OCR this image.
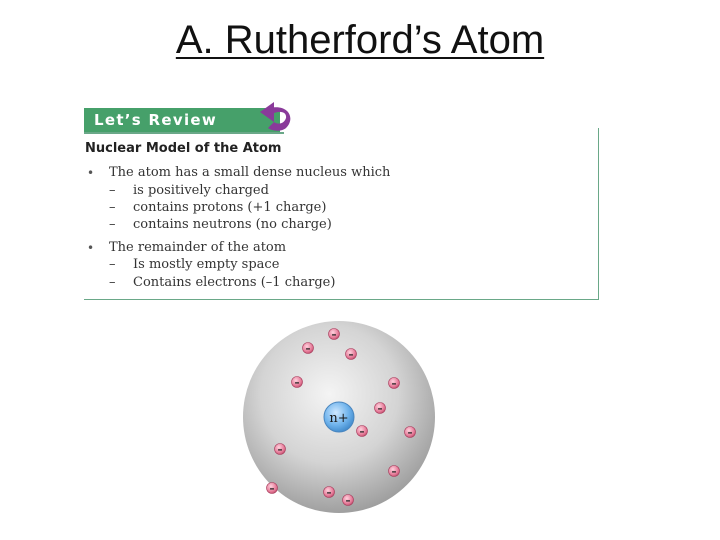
A. Rutherford’s Atom
Let’s Review
Nuclear Model of the Atom
• The atom has a small dense nucleus which
– is positively charged
– contains protons (+1 charge)
– contains neutrons (no charge)
• The remainder of the atom
– Is mostly empty space
– Contains electrons (–1 charge)
n+
–
–
–
–	–
–	–
–
–
–
–
–
–
